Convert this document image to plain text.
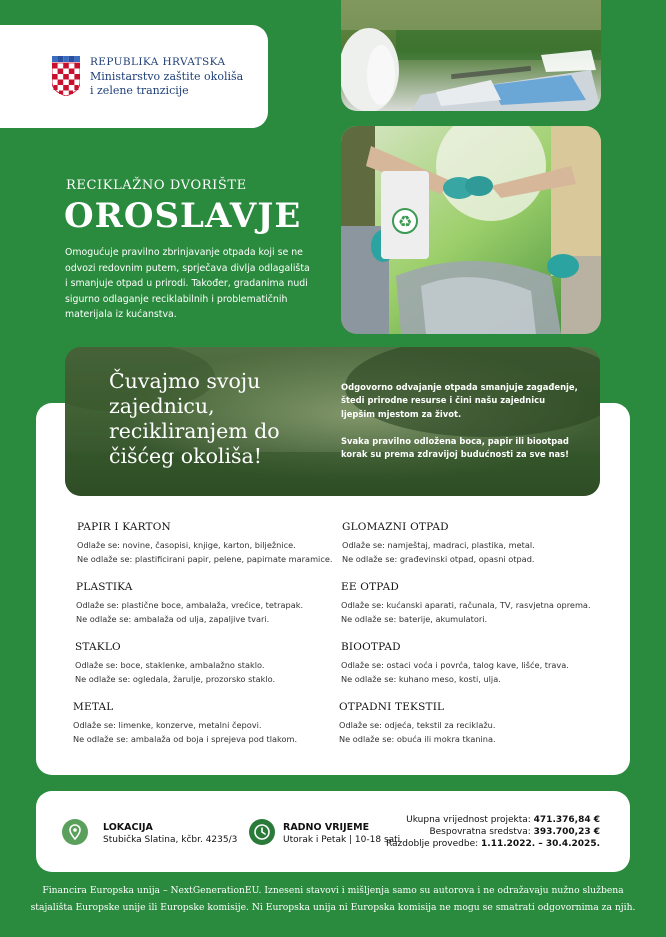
REPUBLIKA HRVATSKA
Ministarstvo zaštite okoliša
i zelene tranzicije
♻
RECIKLAŽNO DVORIŠTE
OROSLAVJE
Omogućuje pravilno zbrinjavanje otpada koji se ne odvozi redovnim putem, sprječava divlja odlagališta i smanjuje otpad u prirodi. Također, gradanima nudi sigurno odlaganje reciklabilnih i problematičnih materijala iz kućanstva.
Čuvajmo svoju zajednicu, recikliranjem do čišćeg okoliša!
Odgovorno odvajanje otpada smanjuje zagađenje, štedi prirodne resurse i čini našu zajednicu ljepšim mjestom za život.
Svaka pravilno odložena boca, papir ili biootpad korak su prema zdravijoj budućnosti za sve nas!
PAPIR I KARTON
Odlaže se: novine, časopisi, knjige, karton, bilježnice.
Ne odlaže se: plastificirani papir, pelene, papirnate maramice.
GLOMAZNI OTPAD
Odlaže se: namještaj, madraci, plastika, metal.
Ne odlaže se: građevinski otpad, opasni otpad.
PLASTIKA
Odlaže se: plastične boce, ambalaža, vrećice, tetrapak.
Ne odlaže se: ambalaža od ulja, zapaljive tvari.
EE OTPAD
Odlaže se: kućanski aparati, računala, TV, rasvjetna oprema.
Ne odlaže se: baterije, akumulatori.
STAKLO
Odlaže se: boce, staklenke, ambalažno staklo.
Ne odlaže se: ogledala, žarulje, prozorsko staklo.
BIOOTPAD
Odlaže se: ostaci voća i povrća, talog kave, lišće, trava.
Ne odlaže se: kuhano meso, kosti, ulja.
METAL
Odlaže se: limenke, konzerve, metalni čepovi.
Ne odlaže se: ambalaža od boja i sprejeva pod tlakom.
OTPADNI TEKSTIL
Odlaže se: odjeća, tekstil za reciklažu.
Ne odlaže se: obuća ili mokra tkanina.
LOKACIJA
Stubička Slatina, kčbr. 4235/3
RADNO VRIJEME
Utorak i Petak | 10-18 sati
Ukupna vrijednost projekta: 471.376,84 €
Bespovratna sredstva: 393.700,23 €
Razdoblje provedbe: 1.11.2022. – 30.4.2025.
Financira Europska unija – NextGenerationEU. Izneseni stavovi i mišljenja samo su autorova i ne odražavaju nužno službena
stajališta Europske unije ili Europske komisije. Ni Europska unija ni Europska komisija ne mogu se smatrati odgovornima za njih.
